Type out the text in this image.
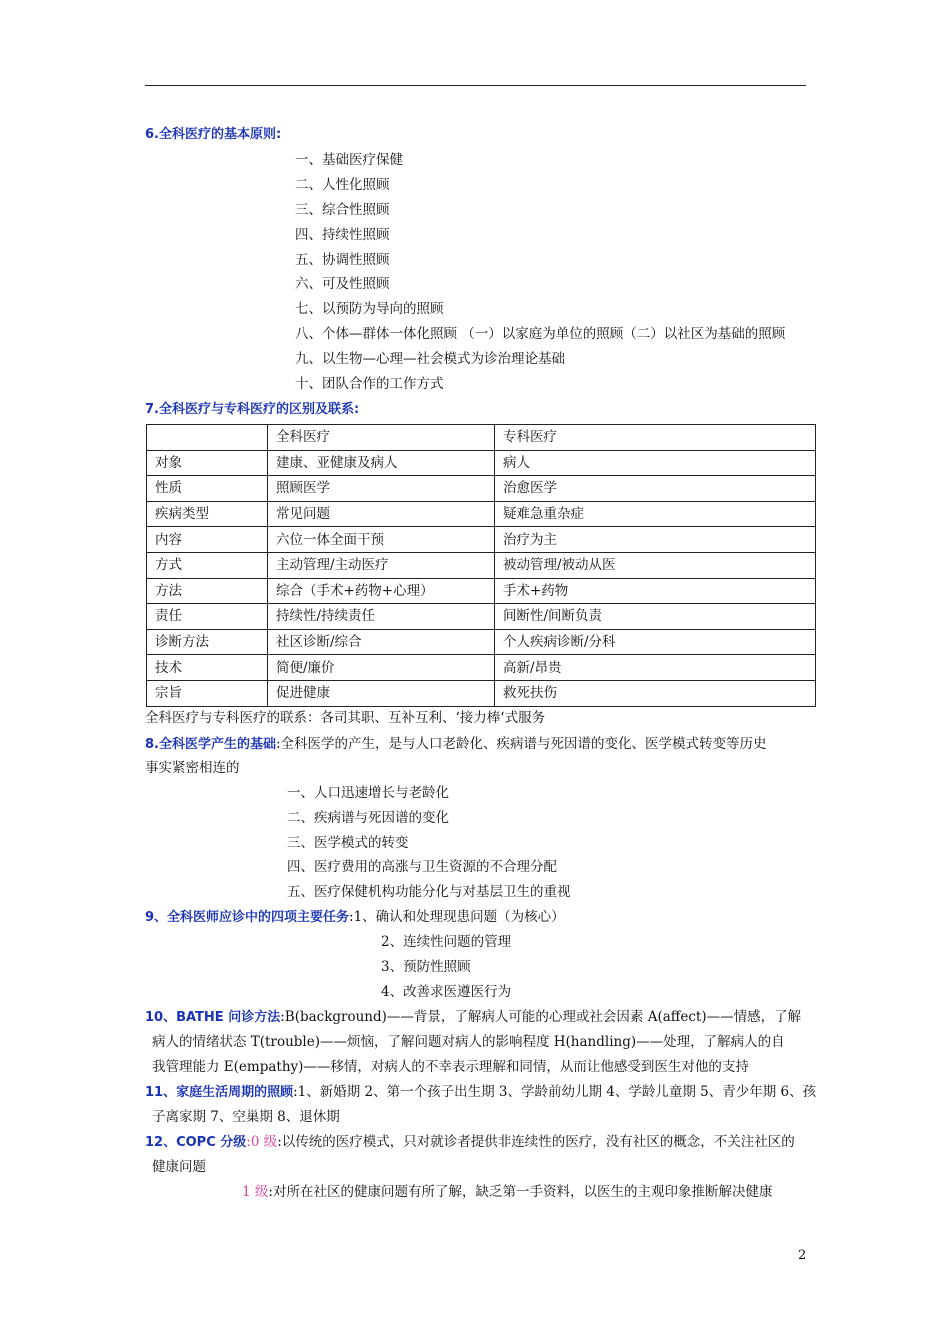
6.全科医疗的基本原则:
一、基础医疗保健
二、人性化照顾
三、综合性照顾
四、持续性照顾
五、协调性照顾
六、可及性照顾
七、以预防为导向的照顾
八、个体—群体一体化照顾 （一）以家庭为单位的照顾（二）以社区为基础的照顾
九、以生物—心理—社会模式为诊治理论基础
十、团队合作的工作方式
7.全科医疗与专科医疗的区别及联系:
	全科医疗	专科医疗
对象	建康、亚健康及病人	病人
性质	照顾医学	治愈医学
疾病类型	常见问题	疑难急重杂症
内容	六位一体全面干预	治疗为主
方式	主动管理/主动医疗	被动管理/被动从医
方法	综合（手术+药物+心理）	手术+药物
责任	持续性/持续责任	间断性/间断负责
诊断方法	社区诊断/综合	个人疾病诊断/分科
技术	简便/廉价	高新/昂贵
宗旨	促进健康	救死扶伤
全科医疗与专科医疗的联系：各司其职、互补互利、‘接力棒‘式服务
8.全科医学产生的基础:全科医学的产生，是与人口老龄化、疾病谱与死因谱的变化、医学模式转变等历史
事实紧密相连的
一、人口迅速增长与老龄化
二、疾病谱与死因谱的变化
三、医学模式的转变
四、医疗费用的高涨与卫生资源的不合理分配
五、医疗保健机构功能分化与对基层卫生的重视
9、全科医师应诊中的四项主要任务:1、确认和处理现患问题（为核心）
2、连续性问题的管理
3、预防性照顾
4、改善求医遵医行为
10、BATHE 问诊方法:B(background)——背景，了解病人可能的心理或社会因素 A(affect)——情感，了解
病人的情绪状态 T(trouble)——烦恼，了解问题对病人的影响程度 H(handling)——处理，了解病人的自
我管理能力 E(empathy)——移情，对病人的不幸表示理解和同情，从而让他感受到医生对他的支持
11、家庭生活周期的照顾:1、新婚期 2、第一个孩子出生期 3、学龄前幼儿期 4、学龄儿童期 5、青少年期 6、孩
子离家期 7、空巢期 8、退休期
12、COPC 分级:0 级:以传统的医疗模式，只对就诊者提供非连续性的医疗，没有社区的概念，不关注社区的
健康问题
1 级:对所在社区的健康问题有所了解，缺乏第一手资料，以医生的主观印象推断解决健康
2
